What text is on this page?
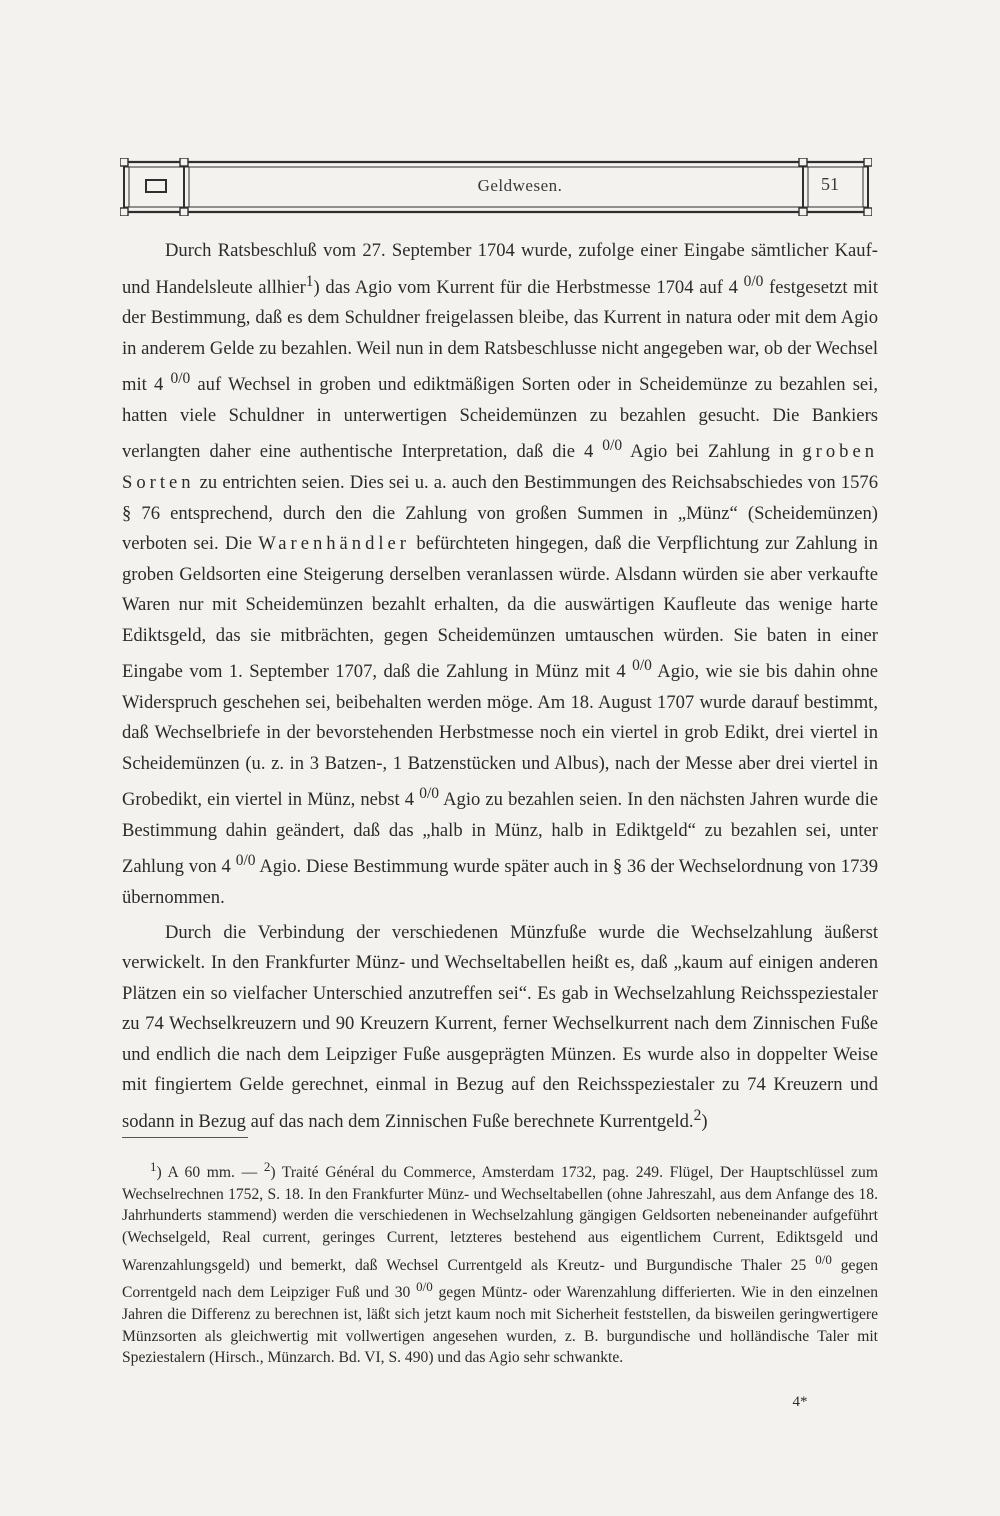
Geldwesen.	51

Durch Ratsbeschluß vom 27. September 1704 wurde, zufolge einer Eingabe sämtlicher Kauf- und Handelsleute allhier$^1$) das Agio vom Kurrent für die Herbstmesse 1704 auf 4 $^{0/0}$ festgesetzt mit der Bestimmung, daß es dem Schuldner freigelassen bleibe, das Kurrent in natura oder mit dem Agio in anderem Gelde zu bezahlen. Weil nun in dem Ratsbeschlusse nicht angegeben war, ob der Wechsel mit 4 $^{0/0}$ auf Wechsel in groben und ediktmäßigen Sorten oder in Scheidemünze zu bezahlen sei, hatten viele Schuldner in unterwertigen Scheidemünzen zu bezahlen gesucht. Die Bankiers verlangten daher eine authentische Interpretation, daß die 4 $^{0/0}$ Agio bei Zahlung in groben Sorten zu entrichten seien. Dies sei u. a. auch den Bestimmungen des Reichsabschiedes von 1576 § 76 entsprechend, durch den die Zahlung von großen Summen in „Münz“ (Scheidemünzen) verboten sei. Die Warenhändler befürchteten hingegen, daß die Verpflichtung zur Zahlung in groben Geldsorten eine Steigerung derselben veranlassen würde. Alsdann würden sie aber verkaufte Waren nur mit Scheidemünzen bezahlt erhalten, da die auswärtigen Kaufleute das wenige harte Ediktsgeld, das sie mitbrächten, gegen Scheidemünzen umtauschen würden. Sie baten in einer Eingabe vom 1. September 1707, daß die Zahlung in Münz mit 4 $^{0/0}$ Agio, wie sie bis dahin ohne Widerspruch geschehen sei, beibehalten werden möge. Am 18. August 1707 wurde darauf bestimmt, daß Wechselbriefe in der bevorstehenden Herbstmesse noch ein viertel in grob Edikt, drei viertel in Scheidemünzen (u. z. in 3 Batzen-, 1 Batzenstücken und Albus), nach der Messe aber drei viertel in Grobedikt, ein viertel in Münz, nebst 4 $^{0/0}$ Agio zu bezahlen seien. In den nächsten Jahren wurde die Bestimmung dahin geändert, daß das „halb in Münz, halb in Ediktgeld“ zu bezahlen sei, unter Zahlung von 4 $^{0/0}$ Agio. Diese Bestimmung wurde später auch in § 36 der Wechselordnung von 1739 übernommen.

Durch die Verbindung der verschiedenen Münzfuße wurde die Wechselzahlung äußerst verwickelt. In den Frankfurter Münz- und Wechseltabellen heißt es, daß „kaum auf einigen anderen Plätzen ein so vielfacher Unterschied anzutreffen sei“. Es gab in Wechselzahlung Reichsspeziestaler zu 74 Wechselkreuzern und 90 Kreuzern Kurrent, ferner Wechselkurrent nach dem Zinnischen Fuße und endlich die nach dem Leipziger Fuße ausgeprägten Münzen. Es wurde also in doppelter Weise mit fingiertem Gelde gerechnet, einmal in Bezug auf den Reichsspeziestaler zu 74 Kreuzern und sodann in Bezug auf das nach dem Zinnischen Fuße berechnete Kurrentgeld.$^2$)

$^1$) A 60 mm. — $^2$) Traité Général du Commerce, Amsterdam 1732, pag. 249. Flügel, Der Hauptschlüssel zum Wechselrechnen 1752, S. 18. In den Frankfurter Münz- und Wechseltabellen (ohne Jahreszahl, aus dem Anfange des 18. Jahrhunderts stammend) werden die verschiedenen in Wechselzahlung gängigen Geldsorten nebeneinander aufgeführt (Wechselgeld, Real current, geringes Current, letzteres bestehend aus eigentlichem Current, Ediktsgeld und Warenzahlungsgeld) und bemerkt, daß Wechsel Currentgeld als Kreutz- und Burgundische Thaler 25 $^{0/0}$ gegen Correntgeld nach dem Leipziger Fuß und 30 $^{0/0}$ gegen Müntz- oder Warenzahlung differierten. Wie in den einzelnen Jahren die Differenz zu berechnen ist, läßt sich jetzt kaum noch mit Sicherheit feststellen, da bisweilen geringwertigere Münzsorten als gleichwertig mit vollwertigen angesehen wurden, z. B. burgundische und holländische Taler mit Speziestalern (Hirsch., Münzarch. Bd. VI, S. 490) und das Agio sehr schwankte.

4*
